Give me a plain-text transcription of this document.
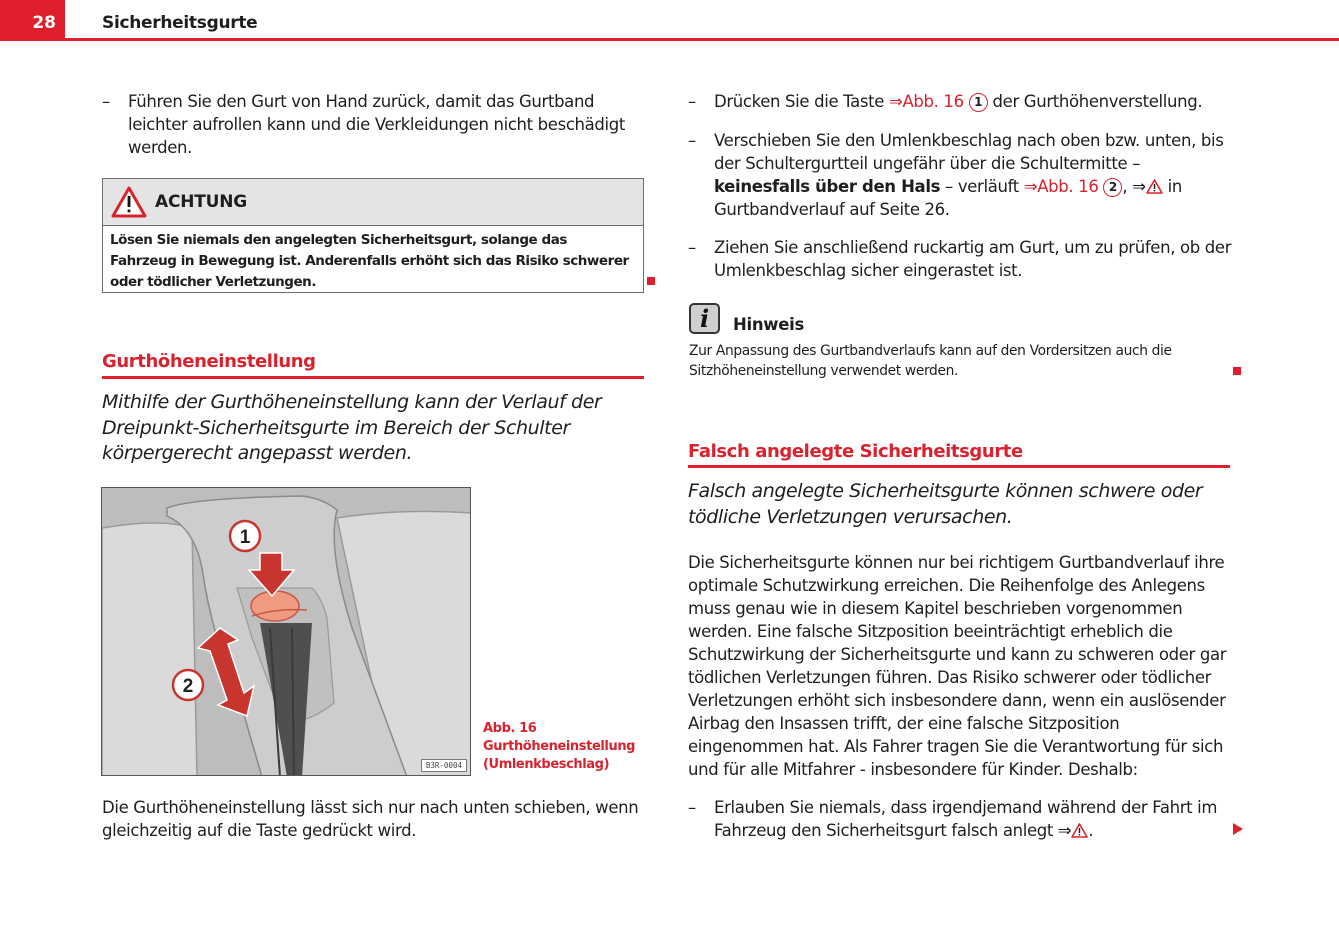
28	Sicherheitsgurte
–	Führen Sie den Gurt von Hand zurück, damit das Gurtband leichter aufrollen kann und die Verkleidungen nicht beschädigt werden.
ACHTUNG
Lösen Sie niemals den angelegten Sicherheitsgurt, solange das Fahrzeug in Bewegung ist. Anderenfalls erhöht sich das Risiko schwerer oder tödlicher Verletzungen.
Gurthöheneinstellung
Mithilfe der Gurthöheneinstellung kann der Verlauf der Dreipunkt-Sicherheitsgurte im Bereich der Schulter körpergerecht angepasst werden.
1
2
B3R-0004
Abb. 16 Gurthöheneinstellung (Umlenkbeschlag)
Die Gurthöheneinstellung lässt sich nur nach unten schieben, wenn gleichzeitig auf die Taste gedrückt wird.
–	Drücken Sie die Taste ⇒Abb. 16 1 der Gurthöhenverstellung.
–	Verschieben Sie den Umlenkbeschlag nach oben bzw. unten, bis der Schultergurtteil ungefähr über die Schultermitte – keinesfalls über den Hals – verläuft ⇒Abb. 16 2 , ⇒ in Gurtbandverlauf auf Seite 26.
–	Ziehen Sie anschließend ruckartig am Gurt, um zu prüfen, ob der Umlenkbeschlag sicher eingerastet ist.
i	Hinweis
Zur Anpassung des Gurtbandverlaufs kann auf den Vordersitzen auch die Sitzhöheneinstellung verwendet werden.
Falsch angelegte Sicherheitsgurte
Falsch angelegte Sicherheitsgurte können schwere oder tödliche Verletzungen verursachen.
Die Sicherheitsgurte können nur bei richtigem Gurtbandverlauf ihre optimale Schutzwirkung erreichen. Die Reihenfolge des Anlegens muss genau wie in diesem Kapitel beschrieben vorgenommen werden. Eine falsche Sitzposition beeinträchtigt erheblich die Schutzwirkung der Sicherheitsgurte und kann zu schweren oder gar tödlichen Verletzungen führen. Das Risiko schwerer oder tödlicher Verletzungen erhöht sich insbesondere dann, wenn ein auslösender Airbag den Insassen trifft, der eine falsche Sitzposition eingenommen hat. Als Fahrer tragen Sie die Verantwortung für sich und für alle Mitfahrer - insbesondere für Kinder. Deshalb:
–	Erlauben Sie niemals, dass irgendjemand während der Fahrt im Fahrzeug den Sicherheitsgurt falsch anlegt ⇒ .
